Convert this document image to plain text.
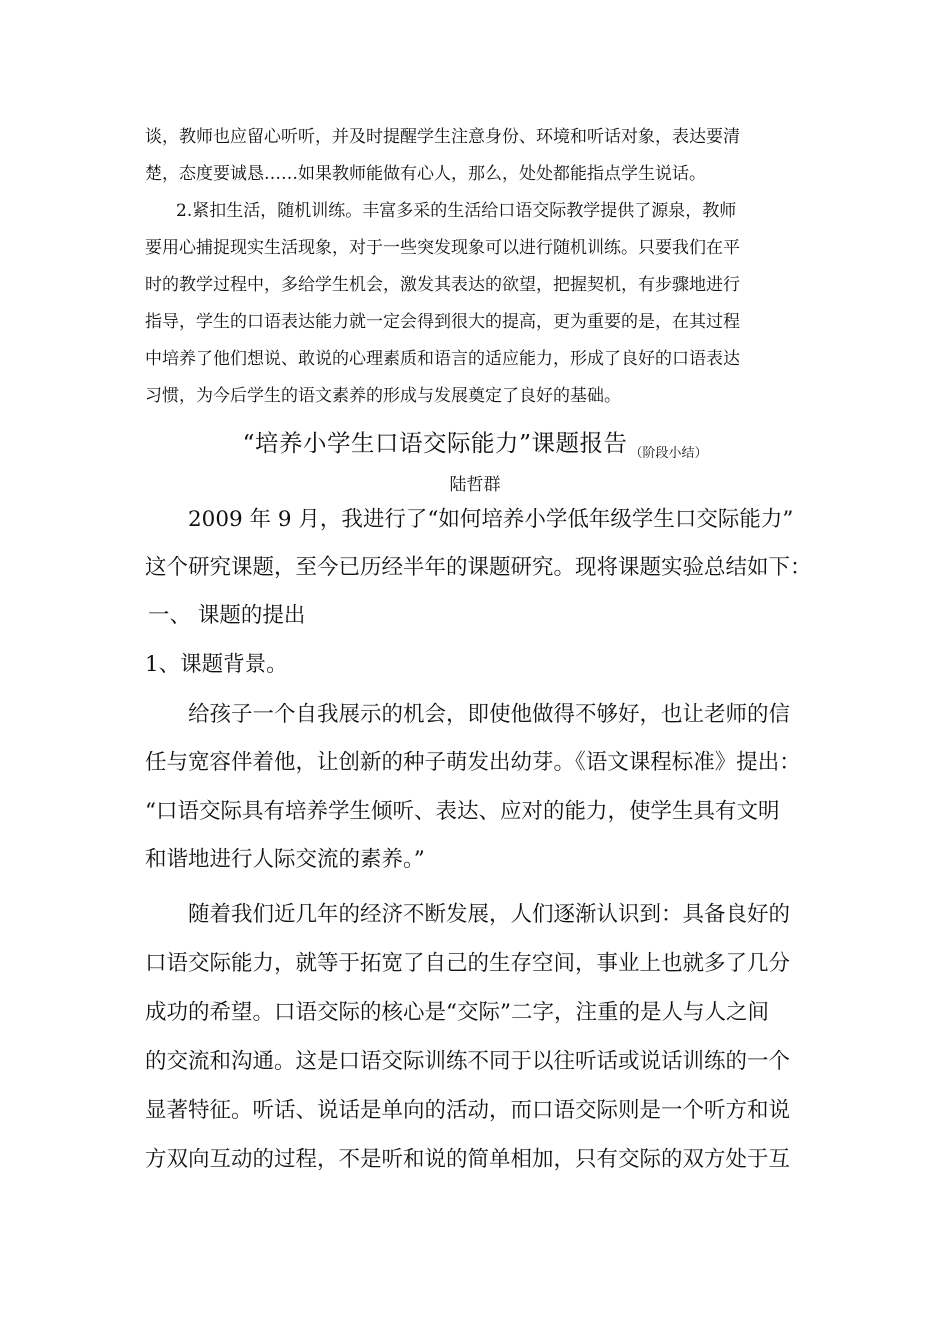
谈，教师也应留心听听，并及时提醒学生注意身份、环境和听话对象，表达要清
楚，态度要诚恳……如果教师能做有心人，那么，处处都能指点学生说话。
2.紧扣生活，随机训练。丰富多采的生活给口语交际教学提供了源泉，教师
要用心捕捉现实生活现象，对于一些突发现象可以进行随机训练。只要我们在平
时的教学过程中，多给学生机会，激发其表达的欲望，把握契机，有步骤地进行
指导，学生的口语表达能力就一定会得到很大的提高，更为重要的是，在其过程
中培养了他们想说、敢说的心理素质和语言的适应能力，形成了良好的口语表达
习惯，为今后学生的语文素养的形成与发展奠定了良好的基础。
“培养小学生口语交际能力”课题报告 $_{(阶段小结)}$
陆哲群
2009 年 9 月，我进行了“如何培养小学低年级学生口交际能力”
这个研究课题，至今已历经半年的课题研究。现将课题实验总结如下：
一、 课题的提出
1、课题背景。
给孩子一个自我展示的机会，即使他做得不够好，也让老师的信
任与宽容伴着他，让创新的种子萌发出幼芽。《语文课程标准》提出：
“口语交际具有培养学生倾听、表达、应对的能力，使学生具有文明
和谐地进行人际交流的素养。”
随着我们近几年的经济不断发展，人们逐渐认识到：具备良好的
口语交际能力，就等于拓宽了自己的生存空间，事业上也就多了几分
成功的希望。口语交际的核心是“交际”二字，注重的是人与人之间
的交流和沟通。这是口语交际训练不同于以往听话或说话训练的一个
显著特征。听话、说话是单向的活动，而口语交际则是一个听方和说
方双向互动的过程，不是听和说的简单相加，只有交际的双方处于互
